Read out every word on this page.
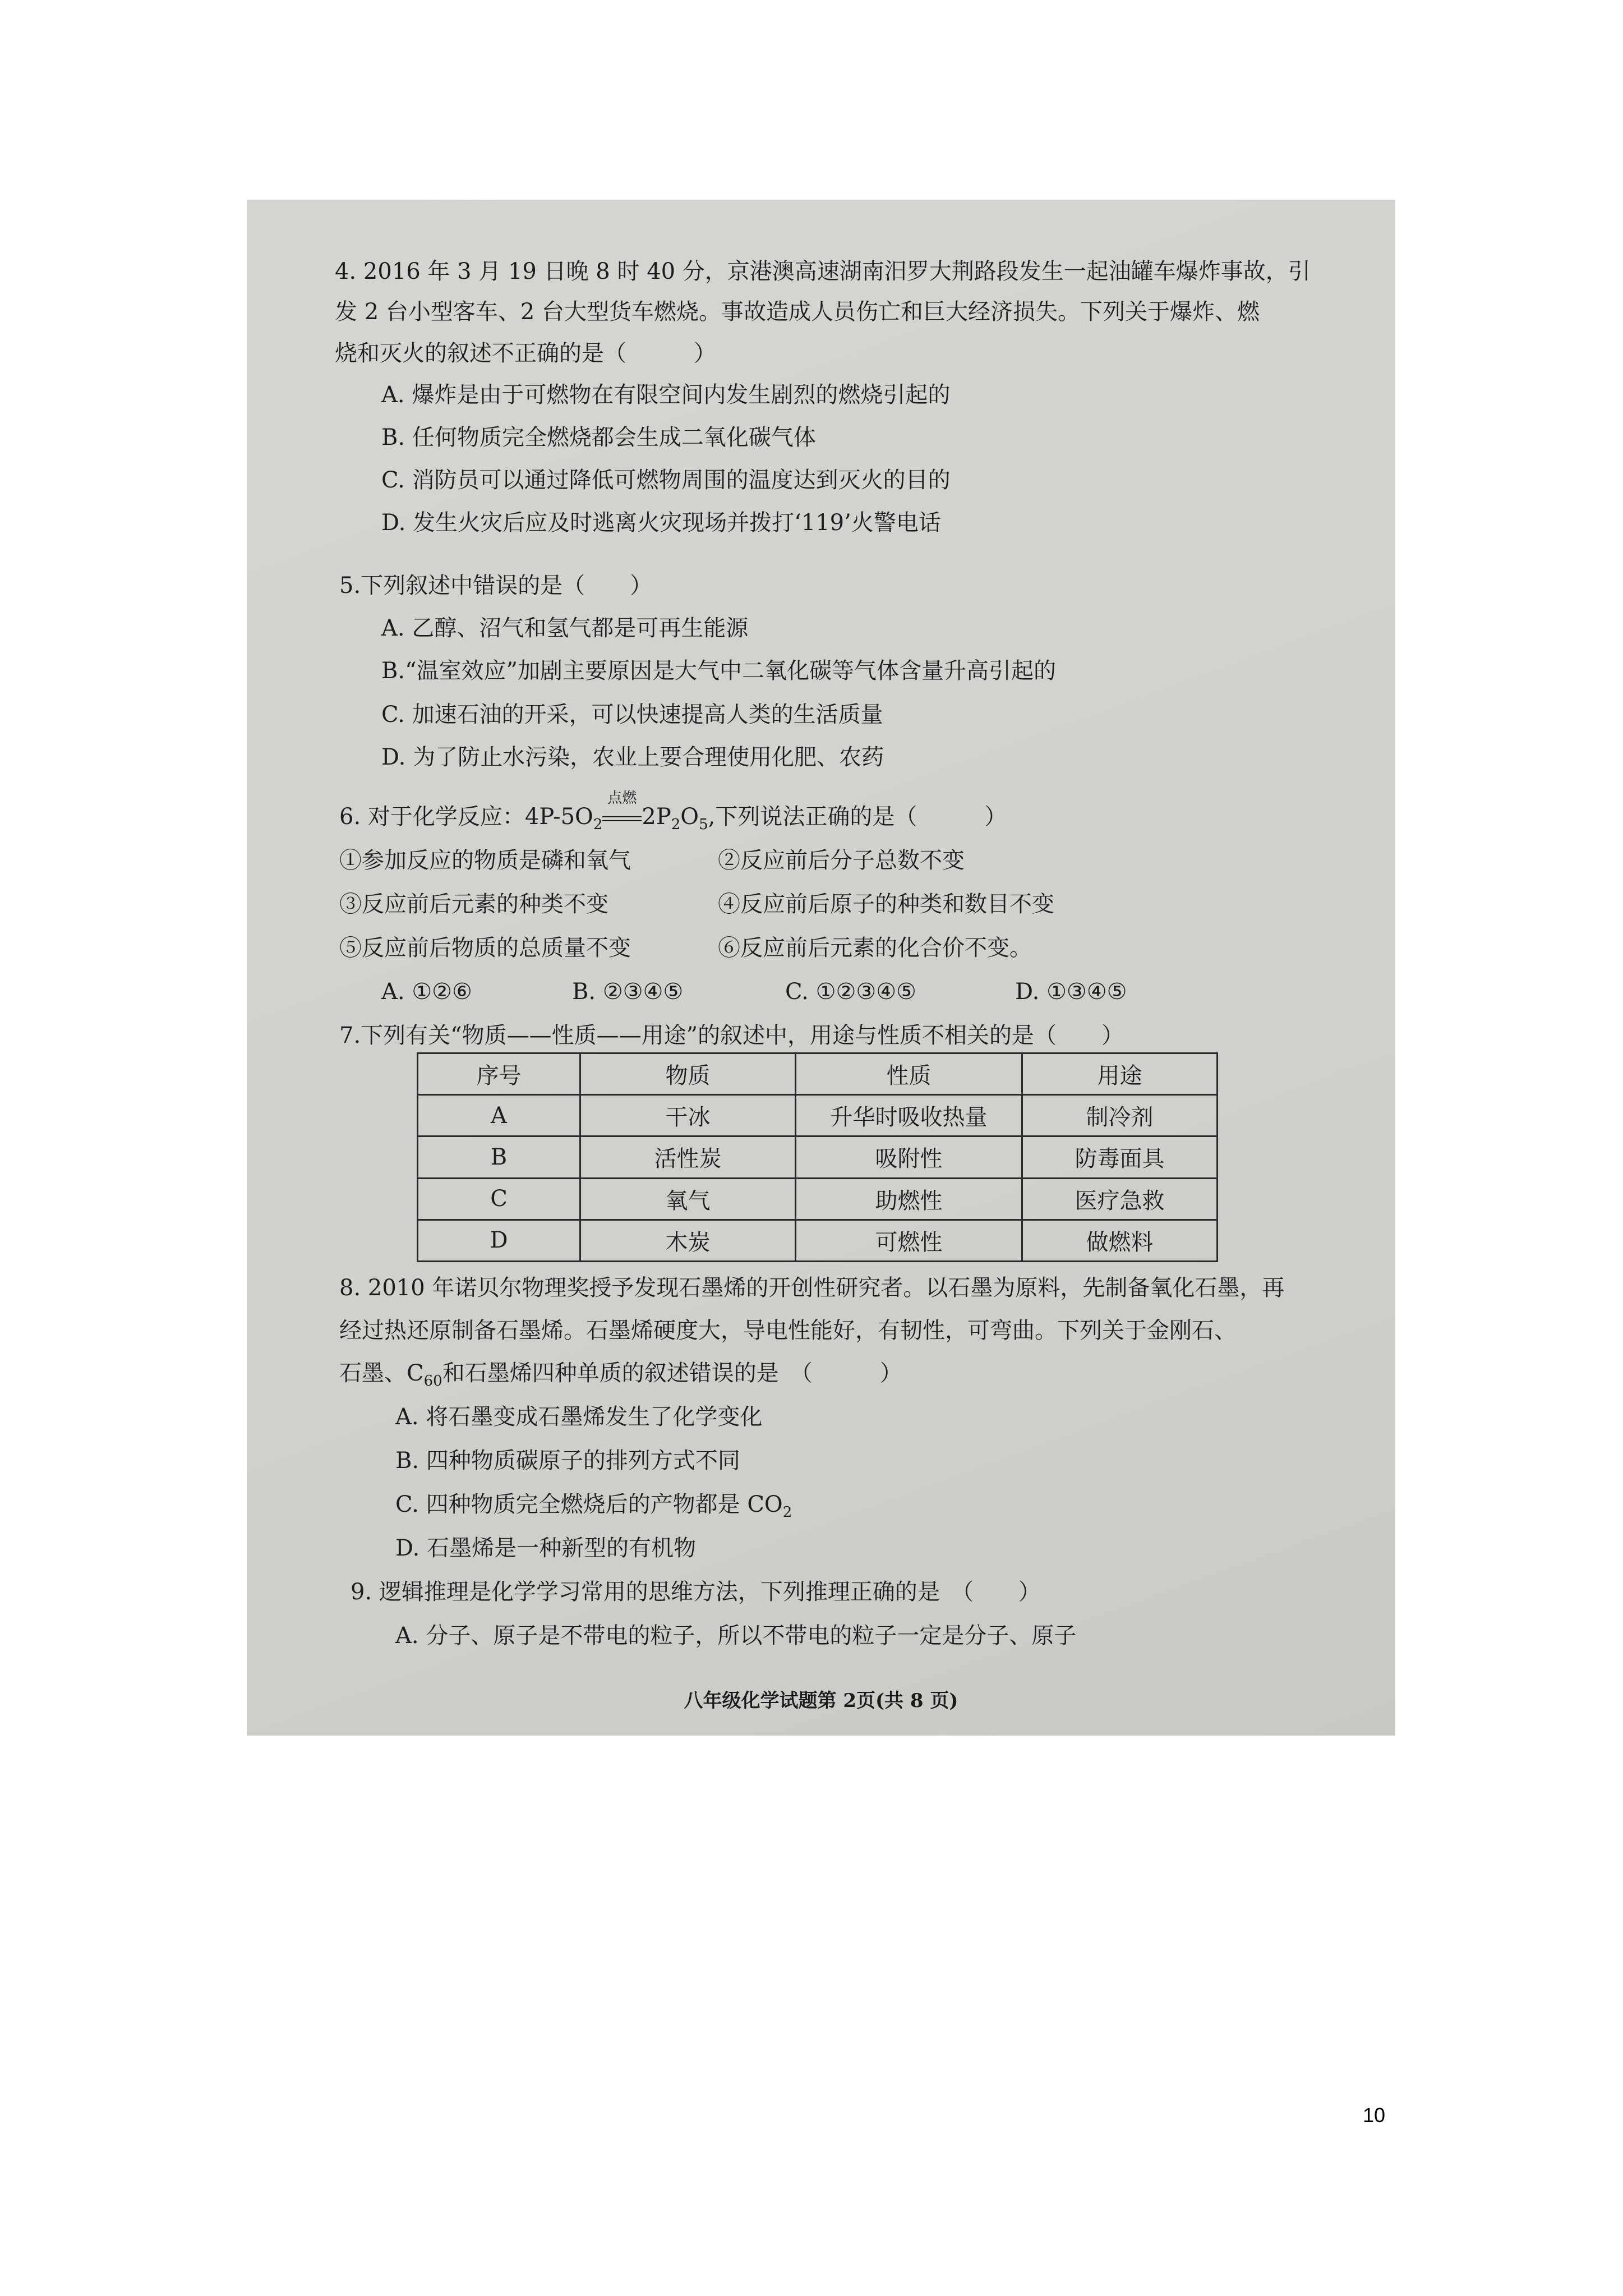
4. 2016 年 3 月 19 日晚 8 时 40 分，京港澳高速湖南汨罗大荆路段发生一起油罐车爆炸事故，引
发 2 台小型客车、2 台大型货车燃烧。事故造成人员伤亡和巨大经济损失。下列关于爆炸、燃
烧和灭火的叙述不正确的是（　　　）
A. 爆炸是由于可燃物在有限空间内发生剧烈的燃烧引起的
B. 任何物质完全燃烧都会生成二氧化碳气体
C. 消防员可以通过降低可燃物周围的温度达到灭火的目的
D. 发生火灾后应及时逃离火灾现场并拨打‘119’火警电话
5.下列叙述中错误的是（　　）
A. 乙醇、沼气和氢气都是可再生能源
B.“温室效应”加剧主要原因是大气中二氧化碳等气体含量升高引起的
C. 加速石油的开采，可以快速提高人类的生活质量
D. 为了防止水污染，农业上要合理使用化肥、农药
6. 对于化学反应：$4P-5O_2$
点燃
$2P_2O_5$,下列说法正确的是（　　　）
①参加反应的物质是磷和氧气	②反应前后分子总数不变
③反应前后元素的种类不变	④反应前后原子的种类和数目不变
⑤反应前后物质的总质量不变	⑥反应前后元素的化合价不变。
A. ①②⑥	B. ②③④⑤	C. ①②③④⑤	D. ①③④⑤
7.下列有关“物质——性质——用途”的叙述中，用途与性质不相关的是（　　）
序号	物质	性质	用途
A	干冰	升华时吸收热量	制冷剂
B	活性炭	吸附性	防毒面具
C	氧气	助燃性	医疗急救
D	木炭	可燃性	做燃料
8. 2010 年诺贝尔物理奖授予发现石墨烯的开创性研究者。以石墨为原料，先制备氧化石墨，再
经过热还原制备石墨烯。石墨烯硬度大，导电性能好，有韧性，可弯曲。下列关于金刚石、
石墨、$C_{60}$和石墨烯四种单质的叙述错误的是　（　　　）
A. 将石墨变成石墨烯发生了化学变化
B. 四种物质碳原子的排列方式不同
C. 四种物质完全燃烧后的产物都是 $CO_2$
D. 石墨烯是一种新型的有机物
9. 逻辑推理是化学学习常用的思维方法，下列推理正确的是　（　　）
A. 分子、原子是不带电的粒子，所以不带电的粒子一定是分子、原子
八年级化学试题第 2页(共 8 页)
10
